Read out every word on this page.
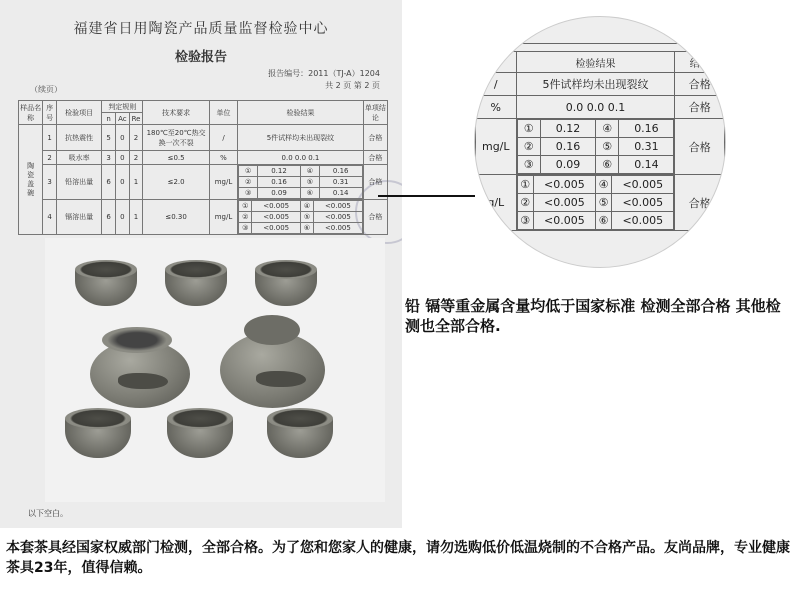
福建省日用陶瓷产品质量监督检验中心
检验报告
（续页）
报告编号：2011（TJ-A）1204
共 2 页 第 2 页
样品名称	序号	检验项目	判定规则	技术要求	单位	检验结果	单项结论
n	Ac	Re
陶瓷盖碗	1	抗热震性	5	0	2	180℃至20℃热交换一次不裂	/	5件试样均未出现裂纹	合格
2	吸水率	3	0	2	≤0.5	%	0.0 0.0 0.1	合格
3	铅溶出量	6	0	1	≤2.0	mg/L	
①	0.12	④	0.16
②	0.16	⑤	0.31
③	0.09	⑥	0.14
	合格
4	镉溶出量	6	0	1	≤0.30	mg/L	
①	<0.005	④	<0.005
②	<0.005	⑤	<0.005
③	<0.005	⑥	<0.005
	合格
以下空白。
	检验结果	结论
/	5件试样均未出现裂纹	合格
%	0.0 0.0 0.1	合格
mg/L	
①	0.12	④	0.16
②	0.16	⑤	0.31
③	0.09	⑥	0.14
	合格
g/L	
①	<0.005	④	<0.005
②	<0.005	⑤	<0.005
③	<0.005	⑥	<0.005
	合格
铅 镉等重金属含量均低于国家标准 检测全部合格 其他检测也全部合格.
本套茶具经国家权威部门检测，全部合格。为了您和您家人的健康，请勿选购低价低温烧制的不合格产品。友尚品牌，专业健康茶具23年，值得信赖。
